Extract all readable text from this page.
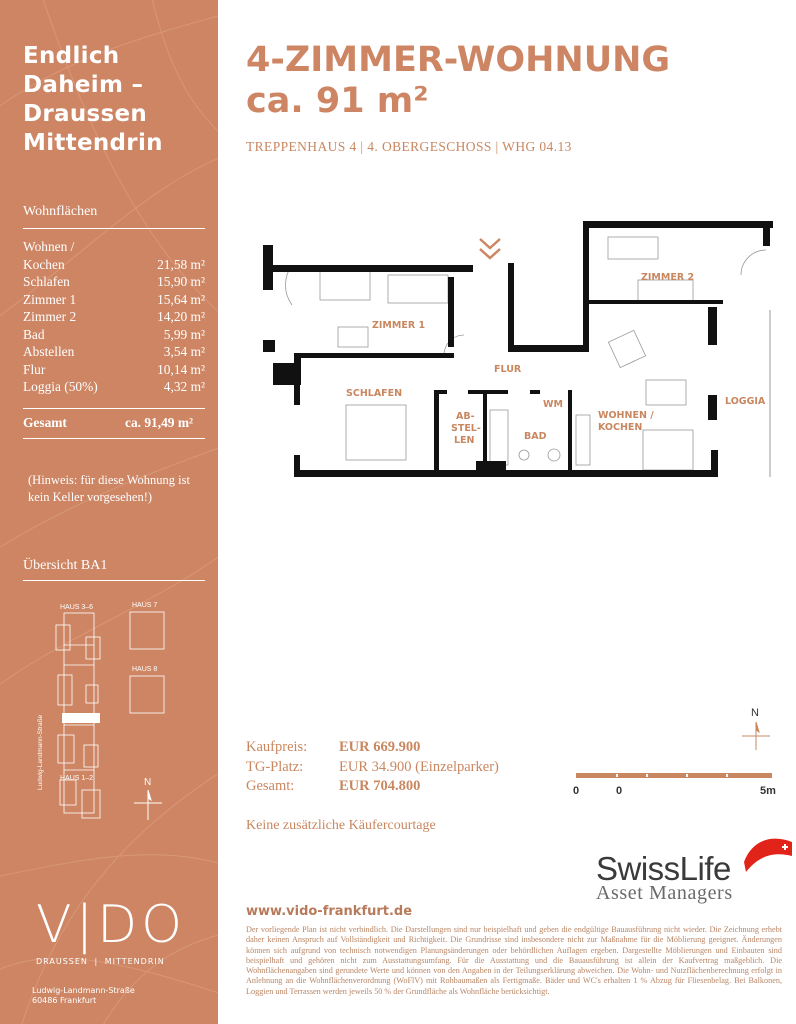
Endlich
Daheim –
Draussen
Mittendrin
Wohnflächen
Wohnen /
Kochen	21,58 m²
Schlafen	15,90 m²
Zimmer 1	15,64 m²
Zimmer 2	14,20 m²
Bad	5,99 m²
Abstellen	3,54 m²
Flur	10,14 m²
Loggia (50%)	4,32 m²
Gesamt	ca. 91,49 m²
(Hinweis: für diese Wohnung ist
kein Keller vorgesehen!)
Übersicht BA1
HAUS 3–6	HAUS 7
HAUS 8
HAUS 1–2
Ludwig-Landmann-Straße	N
V|DO
DRAUSSEN | MITTENDRIN
Ludwig-Landmann-Straße
60486 Frankfurt
4-ZIMMER-WOHNUNG
ca. 91 m²
TREPPENHAUS 4 | 4. OBERGESCHOSS | WHG 04.13
ZIMMER 1
ZIMMER 2
SCHLAFEN
FLUR
AB-
STEL-
LEN	BAD
WM
WOHNEN /
KOCHEN
LOGGIA
Kaufpreis:	EUR 669.900
TG-Platz:	EUR 34.900 (Einzelparker)
Gesamt:	EUR 704.800
Keine zusätzliche Käufercourtage
N
0	0	5m
SwissLife
Asset Managers
www.vido-frankfurt.de
Der vorliegende Plan ist nicht verbindlich. Die Darstellungen sind nur beispielhaft und geben die endgültige Bauausführung nicht wieder. Die Zeichnung erhebt daher keinen Anspruch auf Vollständigkeit und Richtigkeit. Die Grundrisse sind insbesondere nicht zur Maßnahme für die Möblierung geeignet. Änderungen können sich aufgrund von technisch notwendigen Planungsänderungen oder behördlichen Auflagen ergeben. Dargestellte Möblierungen und Einbauten sind beispielhaft und gehören nicht zum Ausstattungsumfang. Für die Ausstattung und die Bauausführung ist allein der Kaufvertrag maßgeblich. Die Wohnflächenangaben sind gerundete Werte und können von den Angaben in der Teilungserklärung abweichen. Die Wohn- und Nutzflächenberechnung erfolgt in Anlehnung an die Wohnflächenverordnung (WoFlV) mit Rohbaumaßen als Fertigmaße. Bäder und WC's erhalten 1 % Abzug für Fliesenbelag. Bei Balkonen, Loggien und Terrassen werden jeweils 50 % der Grundfläche als Wohnfläche berücksichtigt.
